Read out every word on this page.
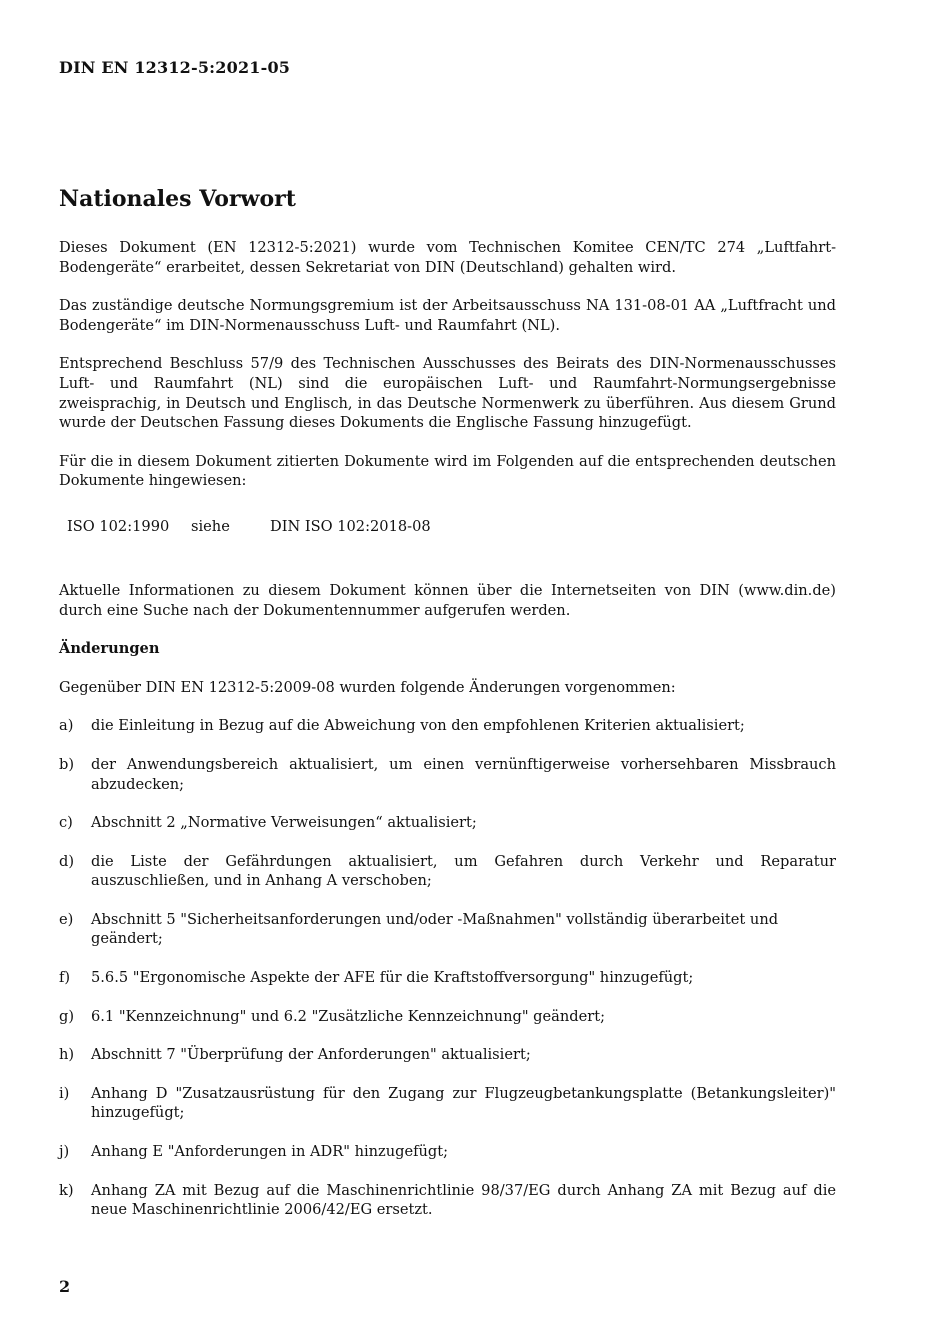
DIN EN 12312-5:2021-05
Nationales Vorwort

Dieses Dokument (EN 12312-5:2021) wurde vom Technischen Komitee CEN/TC 274 „Luftfahrt-Bodengeräte“ erarbeitet, dessen Sekretariat von DIN (Deutschland) gehalten wird.

Das zuständige deutsche Normungsgremium ist der Arbeitsausschuss NA 131-08-01 AA „Luftfracht und Bodengeräte“ im DIN-Normenausschuss Luft- und Raumfahrt (NL).

Entsprechend Beschluss 57/9 des Technischen Ausschusses des Beirats des DIN-Normenausschusses Luft- und Raumfahrt (NL) sind die europäischen Luft- und Raumfahrt-Normungsergebnisse zweisprachig, in Deutsch und Englisch, in das Deutsche Normenwerk zu überführen. Aus diesem Grund wurde der Deutschen Fassung dieses Dokuments die Englische Fassung hinzugefügt.

Für die in diesem Dokument zitierten Dokumente wird im Folgenden auf die entsprechenden deutschen Dokumente hingewiesen:

ISO 102:1990	siehe	DIN ISO 102:2018-08

Aktuelle Informationen zu diesem Dokument können über die Internetseiten von DIN (www.din.de) durch eine Suche nach der Dokumentennummer aufgerufen werden.

Änderungen

Gegenüber DIN EN 12312-5:2009-08 wurden folgende Änderungen vorgenommen:

a)	die Einleitung in Bezug auf die Abweichung von den empfohlenen Kriterien aktualisiert;
b)	der Anwendungsbereich aktualisiert, um einen vernünftigerweise vorhersehbaren Missbrauch abzudecken;
c)	Abschnitt 2 „Normative Verweisungen“ aktualisiert;
d)	die Liste der Gefährdungen aktualisiert, um Gefahren durch Verkehr und Reparatur auszuschließen, und in Anhang A verschoben;
e)	Abschnitt 5 "Sicherheitsanforderungen und/oder -Maßnahmen" vollständig überarbeitet und geändert;
f)	5.6.5 "Ergonomische Aspekte der AFE für die Kraftstoffversorgung" hinzugefügt;
g)	6.1 "Kennzeichnung" und 6.2 "Zusätzliche Kennzeichnung" geändert;
h)	Abschnitt 7 "Überprüfung der Anforderungen" aktualisiert;
i)	Anhang D "Zusatzausrüstung für den Zugang zur Flugzeugbetankungsplatte (Betankungsleiter)" hinzugefügt;
j)	Anhang E "Anforderungen in ADR" hinzugefügt;
k)	Anhang ZA mit Bezug auf die Maschinenrichtlinie 98/37/EG durch Anhang ZA mit Bezug auf die neue Maschinenrichtlinie 2006/42/EG ersetzt.
2
